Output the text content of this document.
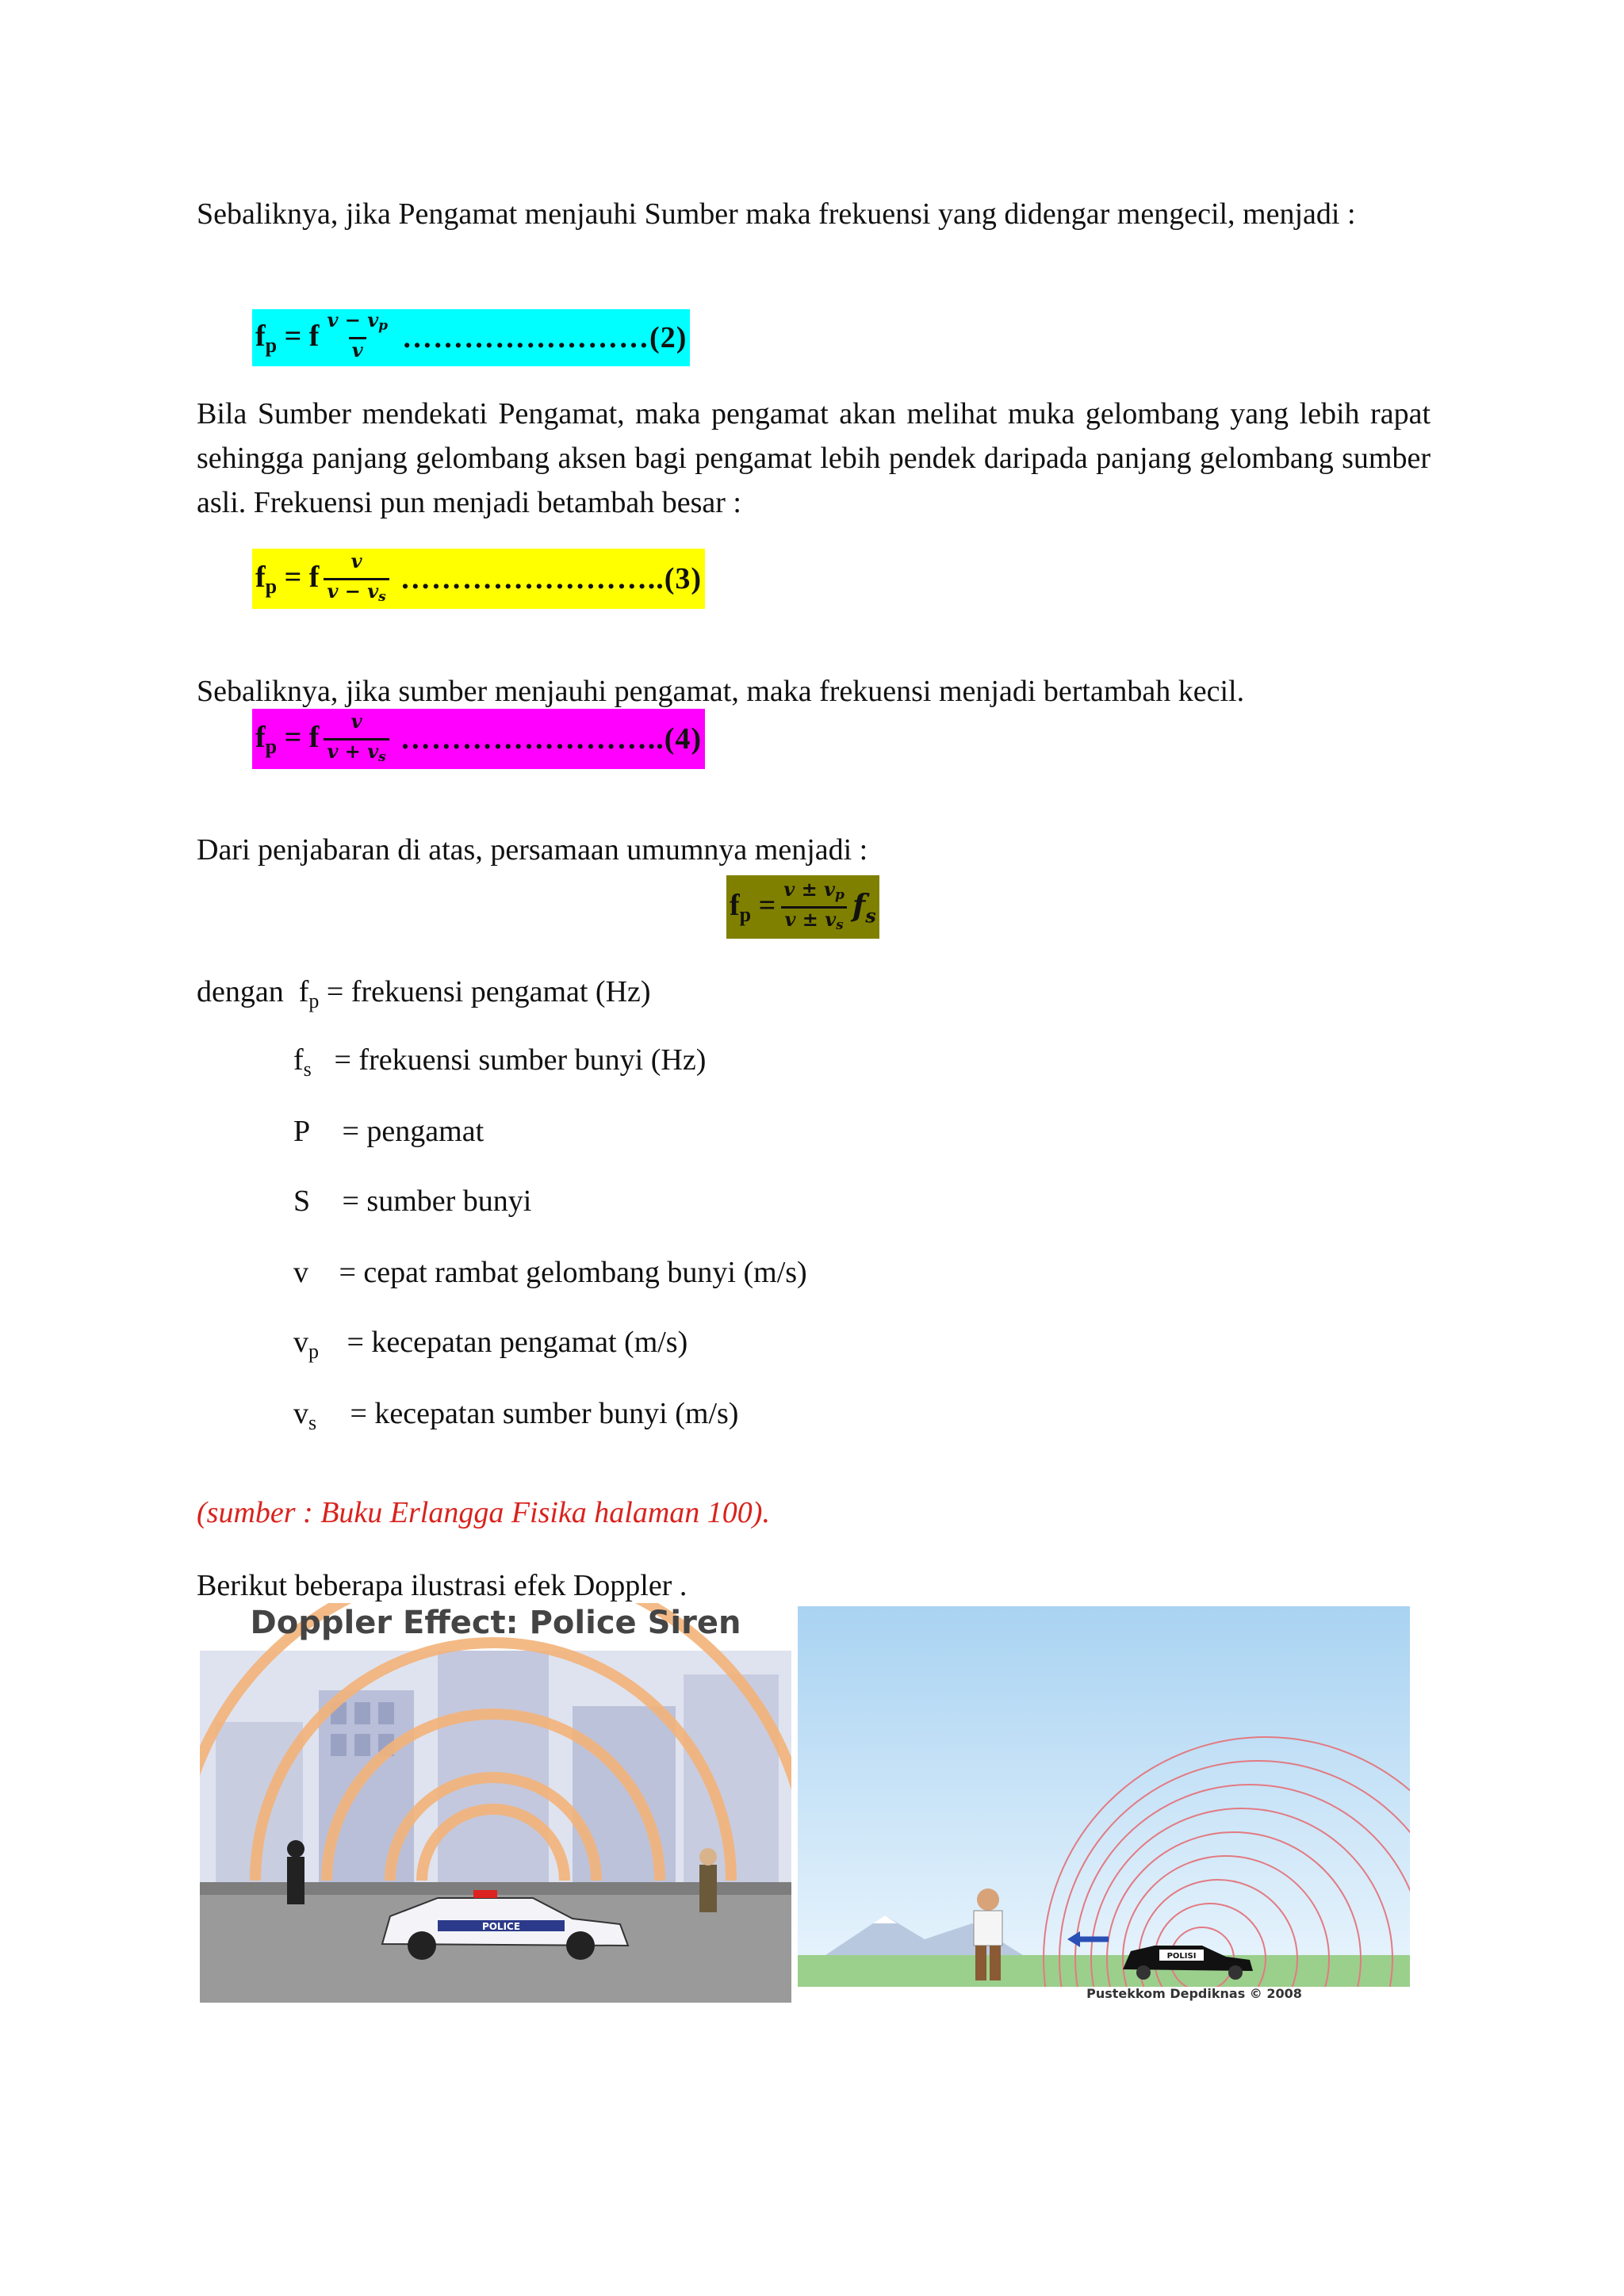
Sebaliknya, jika Pengamat menjauhi Sumber maka frekuensi yang didengar mengecil, menjadi :

$f_p = f \frac{v - v_p}{v}$ ……………………(2)

Bila Sumber mendekati Pengamat, maka pengamat akan melihat muka gelombang yang lebih rapat sehingga panjang gelombang aksen bagi pengamat lebih pendek daripada panjang gelombang sumber asli. Frekuensi pun menjadi betambah besar :

$f_p = f \frac{v}{v - v_s}$ ……………………..(3)

Sebaliknya, jika sumber menjauhi pengamat, maka frekuensi menjadi bertambah kecil.

$f_p = f \frac{v}{v + v_s}$ ……………………..(4)

Dari penjabaran di atas, persamaan umumnya menjadi :

$f_p = \frac{v \pm v_p}{v \pm v_s} f_s$
dengan $f_p$ = frekuensi pengamat (Hz)
$f_s$ = frekuensi sumber bunyi (Hz)
P = pengamat
S = sumber bunyi
v = cepat rambat gelombang bunyi (m/s)
$v_p$ = kecepatan pengamat (m/s)
$v_s$ = kecepatan sumber bunyi (m/s)

(sumber : Buku Erlangga Fisika halaman 100).

Berikut beberapa ilustrasi efek Doppler .

POLICE
Doppler Effect: Police Siren
POLISI
Pustekkom Depdiknas © 2008
